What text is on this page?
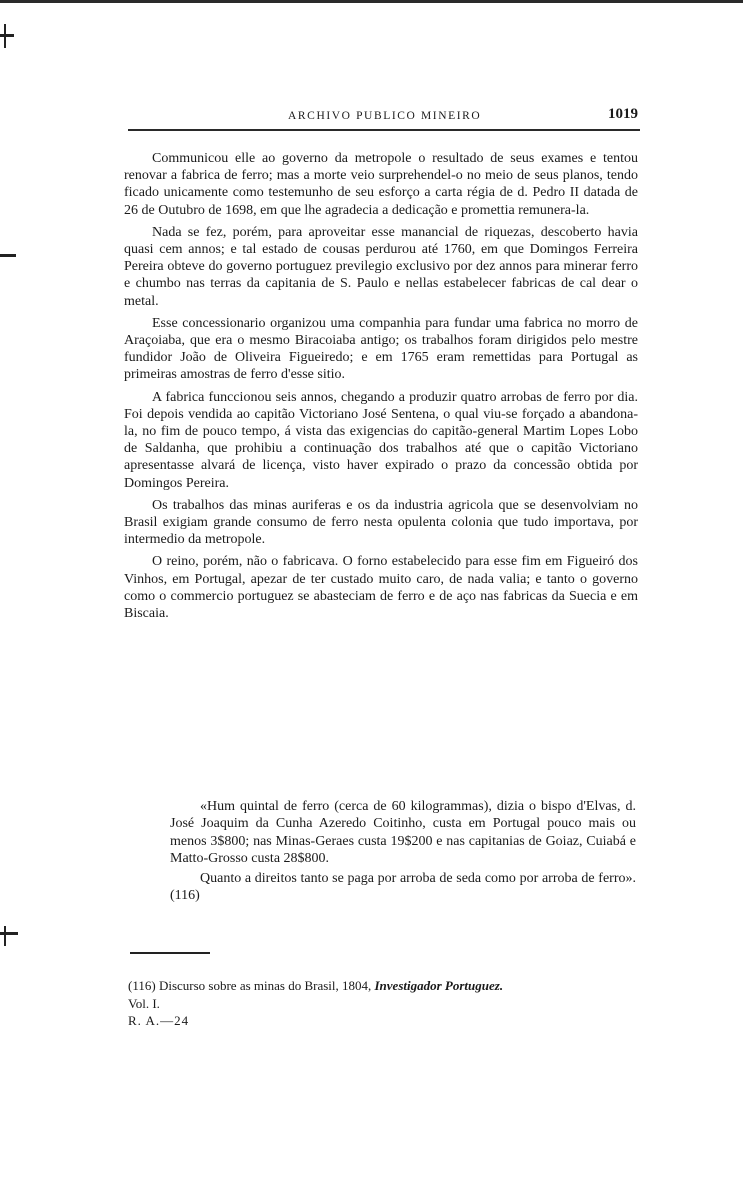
ARCHIVO PUBLICO MINEIRO	1019

Communicou elle ao governo da metropole o resultado de seus exames e tentou renovar a fabrica de ferro; mas a morte veio surprehendel-o no meio de seus planos, tendo ficado unicamente como testemunho de seu esforço a carta régia de d. Pedro II datada de 26 de Outubro de 1698, em que lhe agradecia a dedicação e promettia remunera-la.

Nada se fez, porém, para aproveitar esse manancial de riquezas, descoberto havia quasi cem annos; e tal estado de cousas perdurou até 1760, em que Domingos Ferreira Pereira obteve do governo portuguez previlegio exclusivo por dez annos para minerar ferro e chumbo nas terras da capitania de S. Paulo e nellas estabelecer fabricas de cal dear o metal.

Esse concessionario organizou uma companhia para fundar uma fabrica no morro de Araçoiaba, que era o mesmo Biracoiaba antigo; os trabalhos foram dirigidos pelo mestre fundidor João de Oliveira Figueiredo; e em 1765 eram remettidas para Portugal as primeiras amostras de ferro d'esse sitio.

A fabrica funccionou seis annos, chegando a produzir quatro arrobas de ferro por dia. Foi depois vendida ao capitão Victoriano José Sentena, o qual viu-se forçado a abandona-la, no fim de pouco tempo, á vista das exigencias do capitão-general Martim Lopes Lobo de Saldanha, que prohibiu a continuação dos trabalhos até que o capitão Victoriano apresentasse alvará de licença, visto haver expirado o prazo da concessão obtida por Domingos Pereira.

Os trabalhos das minas auriferas e os da industria agricola que se desenvolviam no Brasil exigiam grande consumo de ferro nesta opulenta colonia que tudo importava, por intermedio da metropole.

O reino, porém, não o fabricava. O forno estabelecido para esse fim em Figueiró dos Vinhos, em Portugal, apezar de ter custado muito caro, de nada valia; e tanto o governo como o commercio portuguez se abasteciam de ferro e de aço nas fabricas da Suecia e em Biscaia.

«Hum quintal de ferro (cerca de 60 kilogrammas), dizia o bispo d'Elvas, d. José Joaquim da Cunha Azeredo Coitinho, custa em Portugal pouco mais ou menos 3$800; nas Minas-Geraes custa 19$200 e nas capitanias de Goiaz, Cuiabá e Matto-Grosso custa 28$800.

Quanto a direitos tanto se paga por arroba de seda como por arroba de ferro». (116)

(116) Discurso sobre as minas do Brasil, 1804, Investigador Portuguez.

Vol. I.

R. A.—24
